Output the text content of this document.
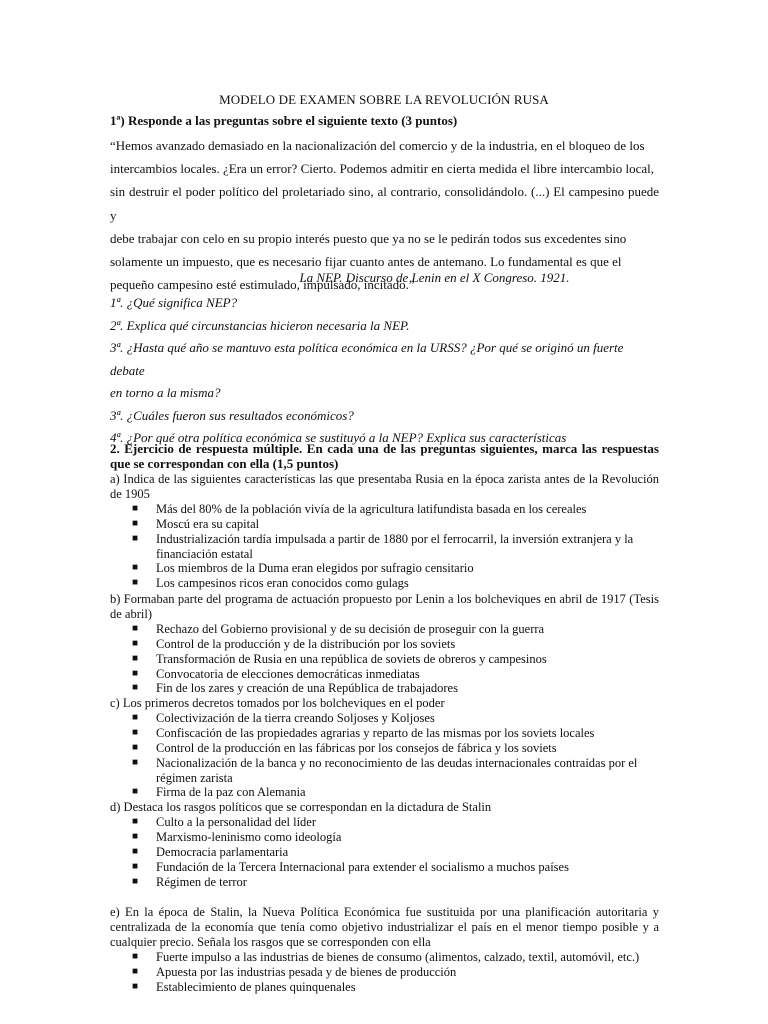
MODELO DE EXAMEN SOBRE LA REVOLUCIÓN RUSA
1ª) Responde a las preguntas sobre el siguiente texto (3 puntos)
“Hemos avanzado demasiado en la nacionalización del comercio y de la industria, en el bloqueo de los
intercambios locales. ¿Era un error? Cierto. Podemos admitir en cierta medida el libre intercambio local,
sin destruir el poder político del proletariado sino, al contrario, consolidándolo. (...) El campesino puede y
debe trabajar con celo en su propio interés puesto que ya no se le pedirán todos sus excedentes sino
solamente un impuesto, que es necesario fijar cuanto antes de antemano. Lo fundamental es que el
pequeño campesino esté estimulado, impulsado, incitado.”
La NEP. Discurso de Lenin en el X Congreso. 1921.
1ª. ¿Qué significa NEP?
2ª. Explica qué circunstancias hicieron necesaria la NEP.
3ª. ¿Hasta qué año se mantuvo esta política económica en la URSS? ¿Por qué se originó un fuerte debate
en torno a la misma?
3ª. ¿Cuáles fueron sus resultados económicos?
4ª. ¿Por qué otra política económica se sustituyó a la NEP? Explica sus características
2. Ejercicio de respuesta múltiple. En cada una de las preguntas siguientes, marca las respuestas que se correspondan con ella (1,5 puntos)
a) Indica de las siguientes características las que presentaba Rusia en la época zarista antes de la Revolución de 1905
■ Más del 80% de la población vivía de la agricultura latifundista basada en los cereales
■ Moscú era su capital
■ Industrialización tardía impulsada a partir de 1880 por el ferrocarril, la inversión extranjera y la financiación estatal
■ Los miembros de la Duma eran elegidos por sufragio censitario
■ Los campesinos ricos eran conocidos como gulags
b) Formaban parte del programa de actuación propuesto por Lenin a los bolcheviques en abril de 1917 (Tesis de abril)
■ Rechazo del Gobierno provisional y de su decisión de proseguir con la guerra
■ Control de la producción y de la distribución por los soviets
■ Transformación de Rusia en una república de soviets de obreros y campesinos
■ Convocatoria de elecciones democráticas inmediatas
■ Fin de los zares y creación de una República de trabajadores
c) Los primeros decretos tomados por los bolcheviques en el poder
■ Colectivización de la tierra creando Soljoses y Koljoses
■ Confiscación de las propiedades agrarias y reparto de las mismas por los soviets locales
■ Control de la producción en las fábricas por los consejos de fábrica y los soviets
■ Nacionalización de la banca y no reconocimiento de las deudas internacionales contraídas por el régimen zarista
■ Firma de la paz con Alemania
d) Destaca los rasgos políticos que se correspondan en la dictadura de Stalin
■ Culto a la personalidad del líder
■ Marxismo-leninismo como ideología
■ Democracia parlamentaria
■ Fundación de la Tercera Internacional para extender el socialismo a muchos países
■ Régimen de terror
e) En la época de Stalin, la Nueva Política Económica fue sustituida por una planificación autoritaria y centralizada de la economía que tenía como objetivo industrializar el país en el menor tiempo posible y a cualquier precio. Señala los rasgos que se corresponden con ella
■ Fuerte impulso a las industrias de bienes de consumo (alimentos, calzado, textil, automóvil, etc.)
■ Apuesta por las industrias pesada y de bienes de producción
■ Establecimiento de planes quinquenales
